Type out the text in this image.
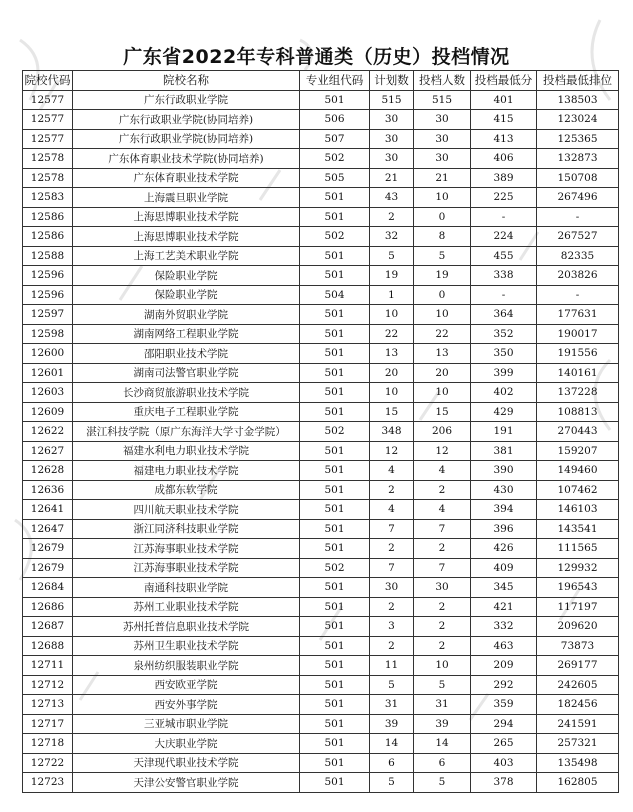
广东省2022年专科普通类（历史）投档情况
院校代码	院校名称	专业组代码	计划数	投档人数	投档最低分	投档最低排位
12577	广东行政职业学院	501	515	515	401	138503
12577	广东行政职业学院(协同培养)	506	30	30	415	123024
12577	广东行政职业学院(协同培养)	507	30	30	413	125365
12578	广东体育职业技术学院(协同培养)	502	30	30	406	132873
12578	广东体育职业技术学院	505	21	21	389	150708
12583	上海震旦职业学院	501	43	10	225	267496
12586	上海思博职业技术学院	501	2	0	-	-
12586	上海思博职业技术学院	502	32	8	224	267527
12588	上海工艺美术职业学院	501	5	5	455	82335
12596	保险职业学院	501	19	19	338	203826
12596	保险职业学院	504	1	0	-	-
12597	湖南外贸职业学院	501	10	10	364	177631
12598	湖南网络工程职业学院	501	22	22	352	190017
12600	邵阳职业技术学院	501	13	13	350	191556
12601	湖南司法警官职业学院	501	20	20	399	140161
12603	长沙商贸旅游职业技术学院	501	10	10	402	137228
12609	重庆电子工程职业学院	501	15	15	429	108813
12622	湛江科技学院（原广东海洋大学寸金学院）	502	348	206	191	270443
12627	福建水利电力职业技术学院	501	12	12	381	159207
12628	福建电力职业技术学院	501	4	4	390	149460
12636	成都东软学院	501	2	2	430	107462
12641	四川航天职业技术学院	501	4	4	394	146103
12647	浙江同济科技职业学院	501	7	7	396	143541
12679	江苏海事职业技术学院	501	2	2	426	111565
12679	江苏海事职业技术学院	502	7	7	409	129932
12684	南通科技职业学院	501	30	30	345	196543
12686	苏州工业职业技术学院	501	2	2	421	117197
12687	苏州托普信息职业技术学院	501	3	2	332	209620
12688	苏州卫生职业技术学院	501	2	2	463	73873
12711	泉州纺织服装职业学院	501	11	10	209	269177
12712	西安欧亚学院	501	5	5	292	242605
12713	西安外事学院	501	31	31	359	182456
12717	三亚城市职业学院	501	39	39	294	241591
12718	大庆职业学院	501	14	14	265	257321
12722	天津现代职业技术学院	501	6	6	403	135498
12723	天津公安警官职业学院	501	5	5	378	162805
